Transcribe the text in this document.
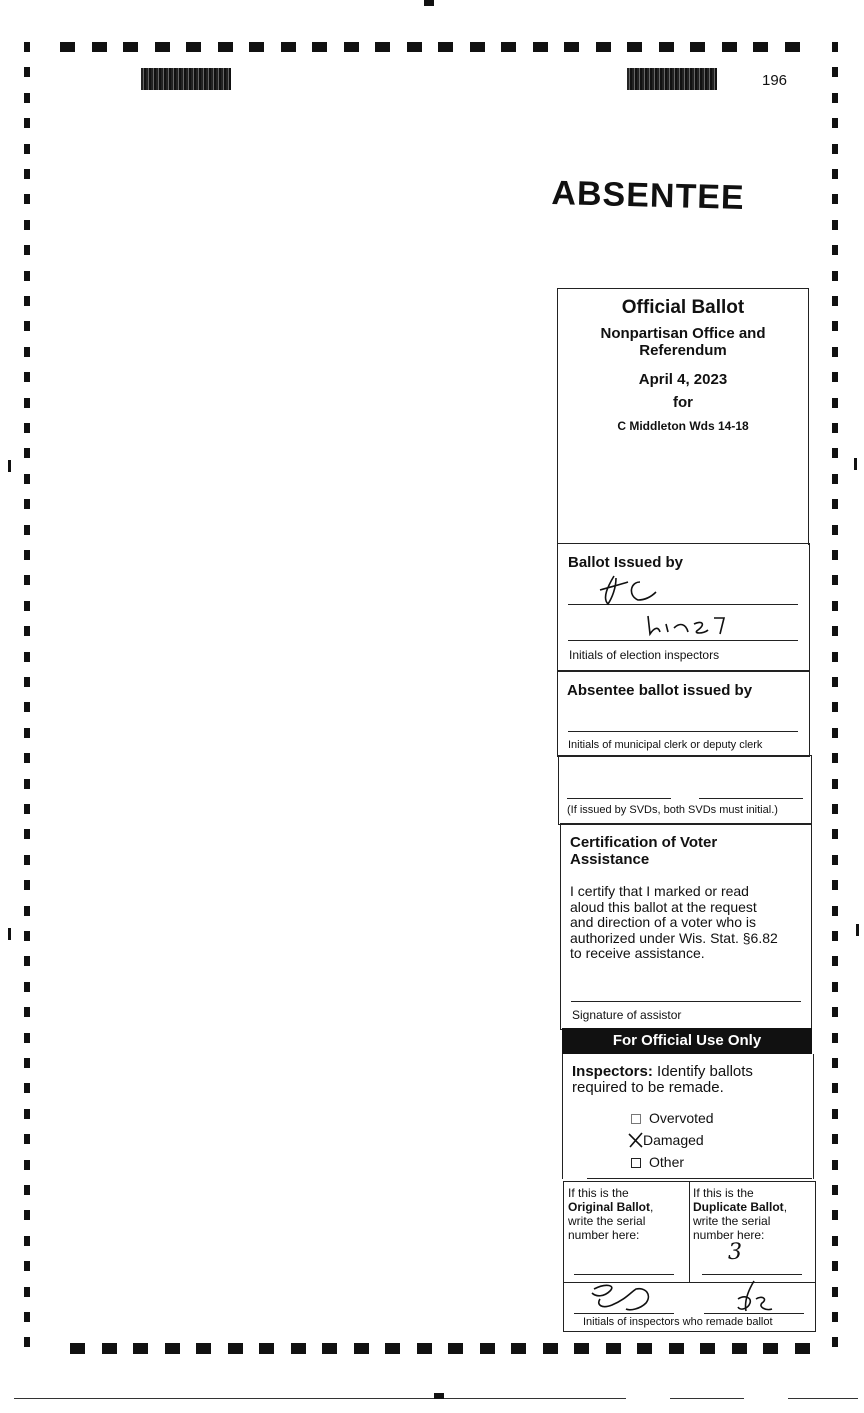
196
ABSENTEE
Official Ballot
Nonpartisan Office and
Referendum
April 4, 2023
for
C Middleton Wds 14-18
Ballot Issued by
Initials of election inspectors
Absentee ballot issued by
Initials of municipal clerk or deputy clerk
(If issued by SVDs, both SVDs must initial.)
Certification of Voter
Assistance
I certify that I marked or read
aloud this ballot at the request
and direction of a voter who is
authorized under Wis. Stat. §6.82
to receive assistance.
Signature of assistor
For Official Use Only
Inspectors: Identify ballots
required to be remade.
Overvoted
Damaged
Other
If this is the
Original Ballot,
write the serial
number here:
If this is the
Duplicate Ballot,
write the serial
number here:
3
Initials of inspectors who remade ballot
